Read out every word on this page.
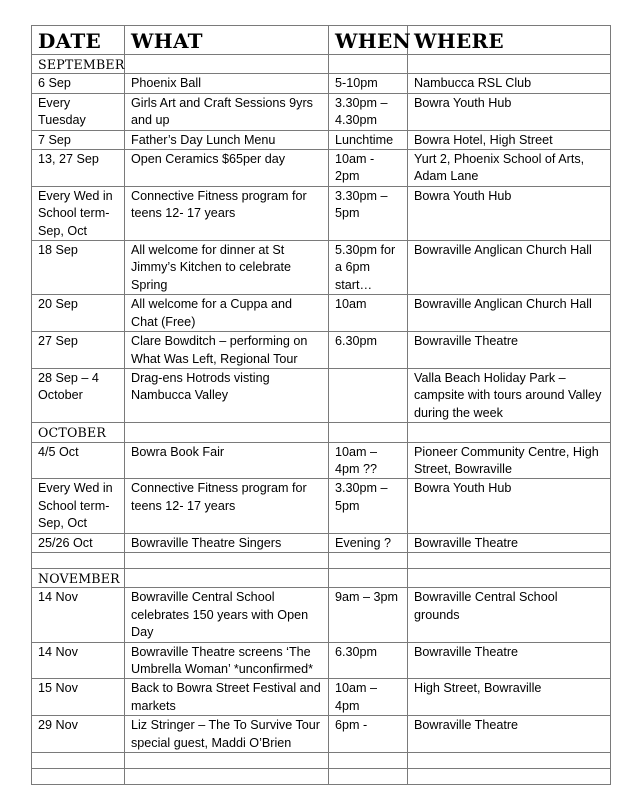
DATE	WHAT	WHEN	WHERE
SEPTEMBER			
6 Sep	Phoenix Ball	5-10pm	Nambucca RSL Club
Every Tuesday	Girls Art and Craft Sessions 9yrs and up	3.30pm – 4.30pm	Bowra Youth Hub
7 Sep	Father’s Day Lunch Menu	Lunchtime	Bowra Hotel, High Street
13, 27 Sep	Open Ceramics $65per day	10am - 2pm	Yurt 2, Phoenix School of Arts, Adam Lane
Every Wed in School term- Sep, Oct	Connective Fitness program for teens 12- 17 years	3.30pm – 5pm	Bowra Youth Hub
18 Sep	All welcome for dinner at St Jimmy’s Kitchen to celebrate Spring	5.30pm for a 6pm start…	Bowraville Anglican Church Hall
20 Sep	All welcome for a Cuppa and Chat (Free)	10am	Bowraville Anglican Church Hall
27 Sep	Clare Bowditch – performing on What Was Left, Regional Tour	6.30pm	Bowraville Theatre
28 Sep – 4 October	Drag-ens Hotrods visting Nambucca Valley		Valla Beach Holiday Park – campsite with tours around Valley during the week
OCTOBER			
4/5 Oct	Bowra Book Fair	10am – 4pm ??	Pioneer Community Centre, High Street, Bowraville
Every Wed in School term- Sep, Oct	Connective Fitness program for teens 12- 17 years	3.30pm – 5pm	Bowra Youth Hub
25/26 Oct	Bowraville Theatre Singers	Evening ?	Bowraville Theatre

NOVEMBER			
14 Nov	Bowraville Central School celebrates 150 years with Open Day	9am – 3pm	Bowraville Central School grounds
14 Nov	Bowraville Theatre screens ‘The Umbrella Woman’ *unconfirmed*	6.30pm	Bowraville Theatre
15 Nov	Back to Bowra Street Festival and markets	10am – 4pm	High Street, Bowraville
29 Nov	Liz Stringer – The To Survive Tour special guest, Maddi O’Brien	6pm -	Bowraville Theatre
